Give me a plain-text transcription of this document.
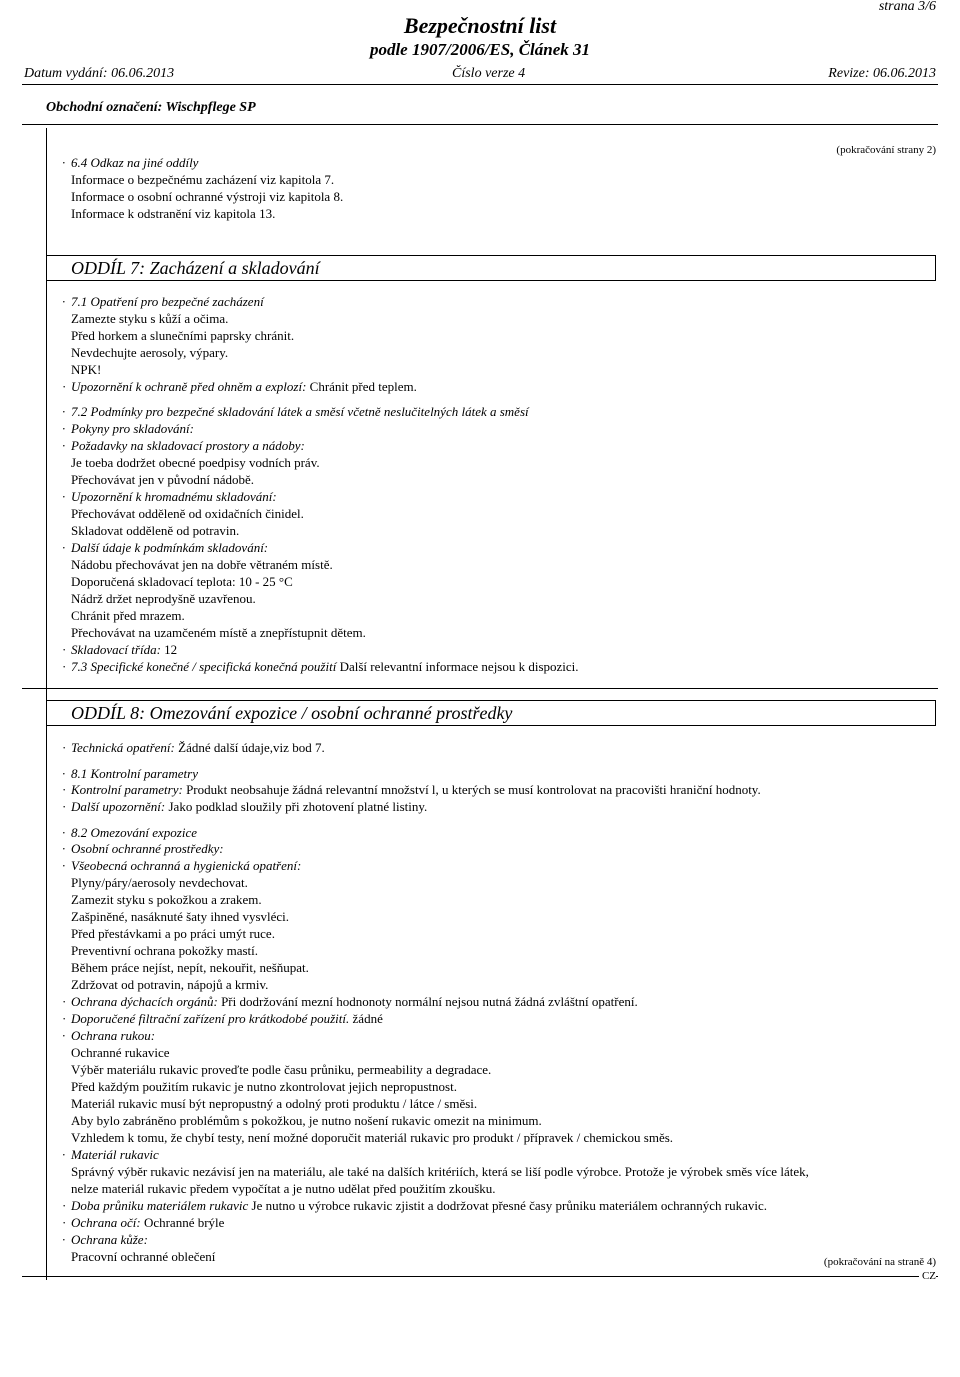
strana 3/6
Bezpečnostní list
podle 1907/2006/ES, Článek 31
Datum vydání: 06.06.2013	Číslo verze 4	Revize: 06.06.2013
Obchodní označení: Wischpflege SP
(pokračování strany 2)
· 6.4 Odkaz na jiné oddíly
Informace o bezpečnému zacházení viz kapitola 7.
Informace o osobní ochranné výstroji viz kapitola 8.
Informace k odstranění viz kapitola 13.
ODDÍL 7: Zacházení a skladování
· 7.1 Opatření pro bezpečné zacházení
Zamezte styku s kůží a očima.
Před horkem a slunečními paprsky chránit.
Nevdechujte aerosoly, výpary.
NPK!
· Upozornění k ochraně před ohněm a explozí: Chránit před teplem.
· 7.2 Podmínky pro bezpečné skladování látek a směsí včetně neslučitelných látek a směsí
· Pokyny pro skladování:
· Požadavky na skladovací prostory a nádoby:
Je toeba dodržet obecné poedpisy vodních práv.
Přechovávat jen v původní nádobě.
· Upozornění k hromadnému skladování:
Přechovávat odděleně od oxidačních činidel.
Skladovat odděleně od potravin.
· Další údaje k podmínkám skladování:
Nádobu přechovávat jen na dobře větraném místě.
Doporučená skladovací teplota: 10 - 25 °C
Nádrž držet neprodyšně uzavřenou.
Chránit před mrazem.
Přechovávat na uzamčeném místě a znepřístupnit dětem.
· Skladovací třída: 12
· 7.3 Specifické konečné / specifická konečná použití Další relevantní informace nejsou k dispozici.
ODDÍL 8: Omezování expozice / osobní ochranné prostředky
· Technická opatření: Žádné další údaje,viz bod 7.
· 8.1 Kontrolní parametry
· Kontrolní parametry: Produkt neobsahuje žádná relevantní množství l, u kterých se musí kontrolovat na pracovišti hraniční hodnoty.
· Další upozornění: Jako podklad sloužily při zhotovení platné listiny.
· 8.2 Omezování expozice
· Osobní ochranné prostředky:
· Všeobecná ochranná a hygienická opatření:
Plyny/páry/aerosoly nevdechovat.
Zamezit styku s pokožkou a zrakem.
Zašpiněné, nasáknuté šaty ihned vysvléci.
Před přestávkami a po práci umýt ruce.
Preventivní ochrana pokožky mastí.
Během práce nejíst, nepít, nekouřit, nešňupat.
Zdržovat od potravin, nápojů a krmiv.
· Ochrana dýchacích orgánů: Při dodržování mezní hodnonoty normální nejsou nutná žádná zvláštní opatření.
· Doporučené filtrační zařízení pro krátkodobé použití. žádné
· Ochrana rukou:
Ochranné rukavice
Výběr materiálu rukavic proveďte podle času průniku, permeability a degradace.
Před každým použitím rukavic je nutno zkontrolovat jejich nepropustnost.
Materiál rukavic musí být nepropustný a odolný proti produktu / látce / směsi.
Aby bylo zabráněno problémům s pokožkou, je nutno nošení rukavic omezit na minimum.
Vzhledem k tomu, že chybí testy, není možné doporučit materiál rukavic pro produkt / přípravek / chemickou směs.
· Materiál rukavic
Správný výběr rukavic nezávisí jen na materiálu, ale také na dalších kritériích, která se liší podle výrobce. Protože je výrobek směs více látek,
nelze materiál rukavic předem vypočítat a je nutno udělat před použitím zkoušku.
· Doba průniku materiálem rukavic Je nutno u výrobce rukavic zjistit a dodržovat přesné časy průniku materiálem ochranných rukavic.
· Ochrana očí: Ochranné brýle
· Ochrana kůže:
Pracovní ochranné oblečení	(pokračování na straně 4)
CZ
